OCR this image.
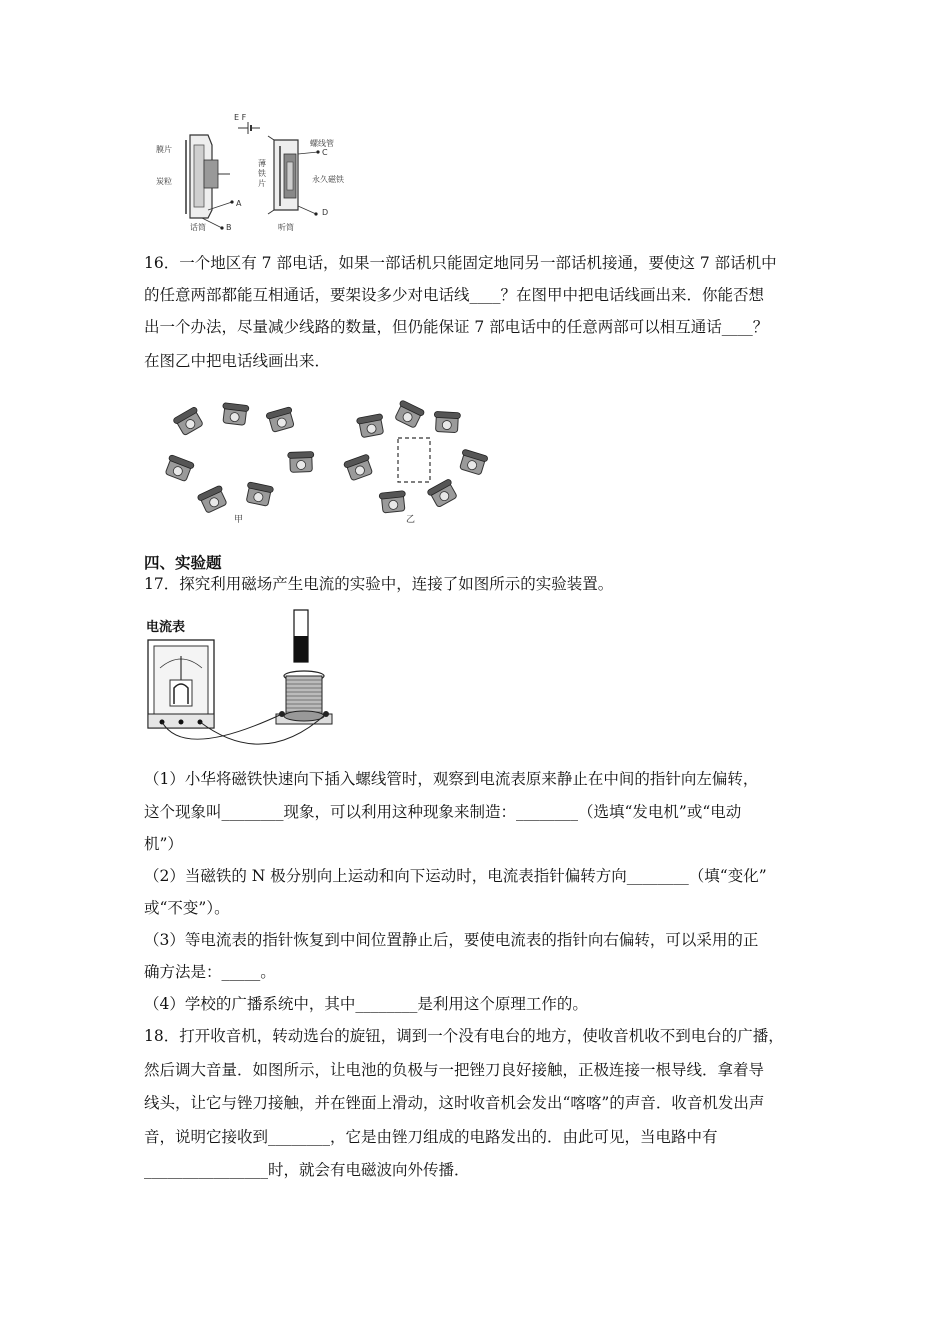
E F
膜片
炭粒
A
B
话筒
螺线管
C
薄
铁
片	永久磁铁
D
听筒
16．一个地区有 7 部电话，如果一部话机只能固定地同另一部话机接通，要使这 7 部话机中
的任意两部都能互相通话，要架设多少对电话线____？在图甲中把电话线画出来．你能否想
出一个办法，尽量减少线路的数量，但仍能保证 7 部电话中的任意两部可以相互通话____？
在图乙中把电话线画出来．
甲	乙
四、实验题
17．探究利用磁场产生电流的实验中，连接了如图所示的实验装置。
电流表
（1）小华将磁铁快速向下插入螺线管时，观察到电流表原来静止在中间的指针向左偏转，
这个现象叫________现象，可以利用这种现象来制造：________（选填“发电机”或“电动
机”）
（2）当磁铁的 N 极分别向上运动和向下运动时，电流表指针偏转方向________（填“变化”
或“不变”）。
（3）等电流表的指针恢复到中间位置静止后，要使电流表的指针向右偏转，可以采用的正
确方法是：_____。
（4）学校的广播系统中，其中________是利用这个原理工作的。
18．打开收音机，转动选台的旋钮，调到一个没有电台的地方，使收音机收不到电台的广播，
然后调大音量．如图所示，让电池的负极与一把锉刀良好接触，正极连接一根导线．拿着导
线头，让它与锉刀接触，并在锉面上滑动，这时收音机会发出“喀喀”的声音．收音机发出声
音，说明它接收到________，它是由锉刀组成的电路发出的．由此可见，当电路中有
________________时，就会有电磁波向外传播．
